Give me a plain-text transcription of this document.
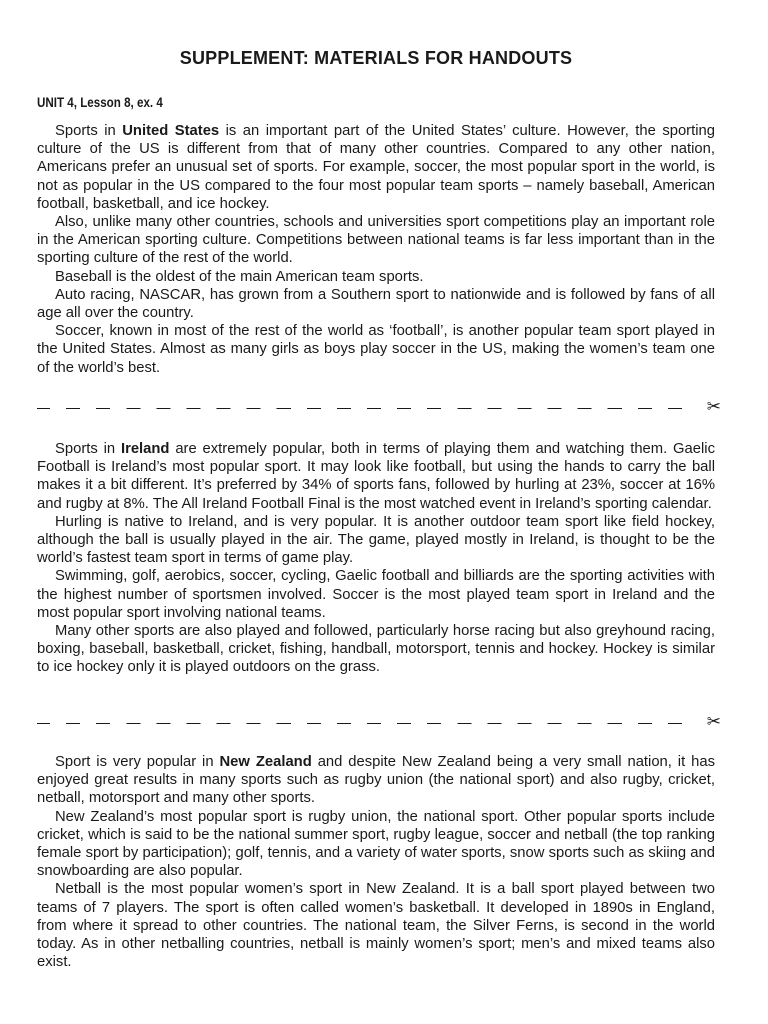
SUPPLEMENT: MATERIALS FOR HANDOUTS
UNIT 4, Lesson 8, ex. 4

Sports in United States is an important part of the United States’ culture. However, the sporting culture of the US is different from that of many other countries. Compared to any other nation, Americans prefer an unusual set of sports. For example, soccer, the most popular sport in the world, is not as popular in the US compared to the four most popular team sports – namely baseball, American football, basketball, and ice hockey.

Also, unlike many other countries, schools and universities sport competitions play an important role in the American sporting culture. Competitions between national teams is far less important than in the sporting culture of the rest of the world.

Baseball is the oldest of the main American team sports.

Auto racing, NASCAR, has grown from a Southern sport to nationwide and is followed by fans of all age all over the country.

Soccer, known in most of the rest of the world as ‘football’, is another popular team sport played in the United States. Almost as many girls as boys play soccer in the US, making the women’s team one of the world’s best.

✂

Sports in Ireland are extremely popular, both in terms of playing them and watching them. Gaelic Football is Ireland’s most popular sport. It may look like football, but using the hands to carry the ball makes it a bit different. It’s preferred by 34% of sports fans, followed by hurling at 23%, soccer at 16% and rugby at 8%. The All Ireland Football Final is the most watched event in Ireland’s sporting calendar.

Hurling is native to Ireland, and is very popular. It is another outdoor team sport like field hockey, although the ball is usually played in the air. The game, played mostly in Ireland, is thought to be the world’s fastest team sport in terms of game play.

Swimming, golf, aerobics, soccer, cycling, Gaelic football and billiards are the sporting activities with the highest number of sportsmen involved. Soccer is the most played team sport in Ireland and the most popular sport involving national teams.

Many other sports are also played and followed, particularly horse racing but also greyhound racing, boxing, baseball, basketball, cricket, fishing, handball, motorsport, tennis and hockey. Hockey is similar to ice hockey only it is played outdoors on the grass.

✂

Sport is very popular in New Zealand and despite New Zealand being a very small nation, it has enjoyed great results in many sports such as rugby union (the national sport) and also rugby, cricket, netball, motorsport and many other sports.

New Zealand’s most popular sport is rugby union, the national sport. Other popular sports include cricket, which is said to be the national summer sport, rugby league, soccer and netball (the top ranking female sport by participation); golf, tennis, and a variety of water sports, snow sports such as skiing and snowboarding are also popular.

Netball is the most popular women’s sport in New Zealand. It is a ball sport played between two teams of 7 players. The sport is often called women’s basketball. It developed in 1890s in England, from where it spread to other countries. The national team, the Silver Ferns, is second in the world today. As in other netballing countries, netball is mainly women’s sport; men’s and mixed teams also exist.
